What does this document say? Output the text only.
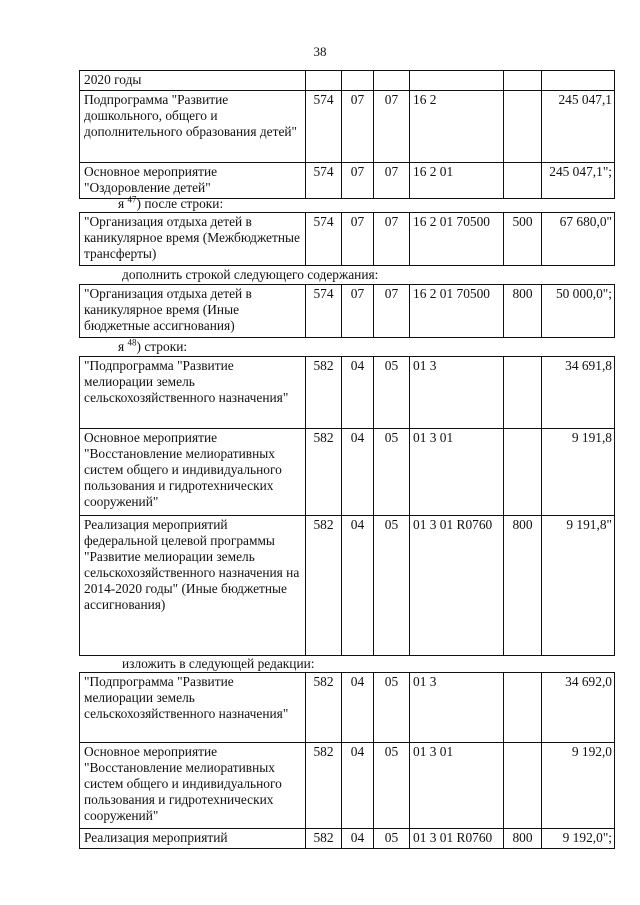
38
2020 годы						
Подпрограмма "Развитие дошкольного, общего и дополнительного образования детей"	574	07	07	16 2		245 047,1
Основное мероприятие "Оздоровление детей"	574	07	07	16 2 01		245 047,1";
я $^{47}$) после строки:
"Организация отдыха детей в каникулярное время (Межбюджетные трансферты)	574	07	07	16 2 01 70500	500	67 680,0"
дополнить строкой следующего содержания:
"Организация отдыха детей в каникулярное время (Иные бюджетные ассигнования)	574	07	07	16 2 01 70500	800	50 000,0";
я $^{48}$) строки:
"Подпрограмма "Развитие мелиорации земель сельскохозяйственного назначения"	582	04	05	01 3		34 691,8
Основное мероприятие "Восстановление мелиоративных систем общего и индивидуального пользования и гидротехнических сооружений"	582	04	05	01 3 01		9 191,8
Реализация мероприятий федеральной целевой программы "Развитие мелиорации земель сельскохозяйственного назначения на 2014-2020 годы" (Иные бюджетные ассигнования)	582	04	05	01 3 01 R0760	800	9 191,8"
изложить в следующей редакции:
"Подпрограмма "Развитие мелиорации земель сельскохозяйственного назначения"	582	04	05	01 3		34 692,0
Основное мероприятие "Восстановление мелиоративных систем общего и индивидуального пользования и гидротехнических сооружений"	582	04	05	01 3 01		9 192,0
Реализация мероприятий	582	04	05	01 3 01 R0760	800	9 192,0";
